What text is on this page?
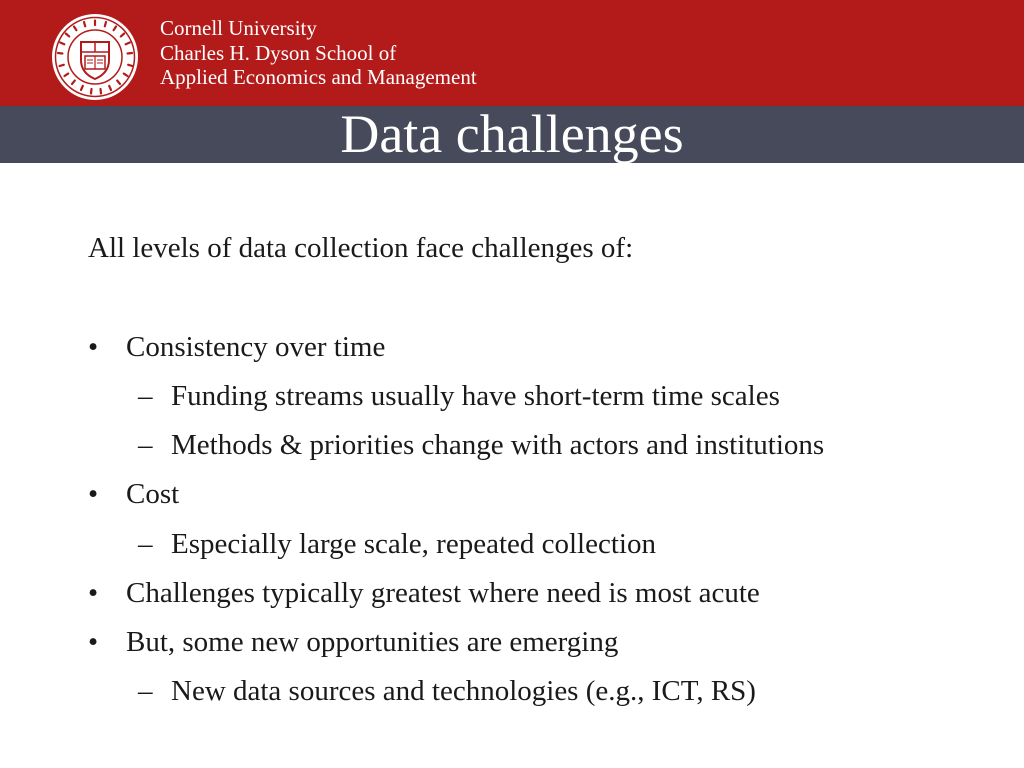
Cornell University
Charles H. Dyson School of
Applied Economics and Management
Data challenges
All levels of data collection face challenges of:
• Consistency over time
– Funding streams usually have short-term time scales
– Methods & priorities change with actors and institutions
• Cost
– Especially large scale, repeated collection
• Challenges typically greatest where need is most acute
• But, some new opportunities are emerging
– New data sources and technologies (e.g., ICT, RS)
